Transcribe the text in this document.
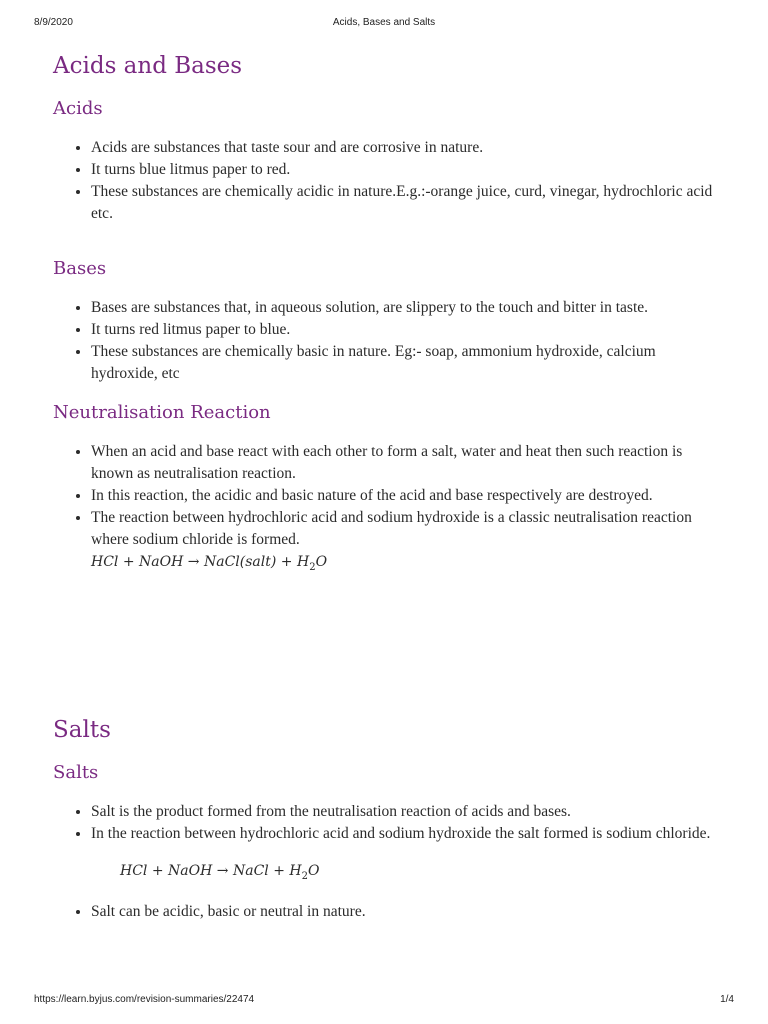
8/9/2020	Acids, Bases and Salts
Acids and Bases
Acids
• Acids are substances that taste sour and are corrosive in nature.
• It turns blue litmus paper to red.
• These substances are chemically acidic in nature.E.g.:-orange juice, curd, vinegar, hydrochloric acid etc.
Bases
• Bases are substances that, in aqueous solution, are slippery to the touch and bitter in taste.
• It turns red litmus paper to blue.
• These substances are chemically basic in nature. Eg:- soap, ammonium hydroxide, calcium hydroxide, etc
Neutralisation Reaction
• When an acid and base react with each other to form a salt, water and heat then such reaction is known as neutralisation reaction.
• In this reaction, the acidic and basic nature of the acid and base respectively are destroyed.
• The reaction between hydrochloric acid and sodium hydroxide is a classic neutralisation reaction where sodium chloride is formed.
HCl + NaOH → NaCl(salt) + $H_2O$
Salts
Salts
• Salt is the product formed from the neutralisation reaction of acids and bases.
• In the reaction between hydrochloric acid and sodium hydroxide the salt formed is sodium chloride.
HCl + NaOH → NaCl + $H_2O$
• Salt can be acidic, basic or neutral in nature.
https://learn.byjus.com/revision-summaries/22474	1/4
